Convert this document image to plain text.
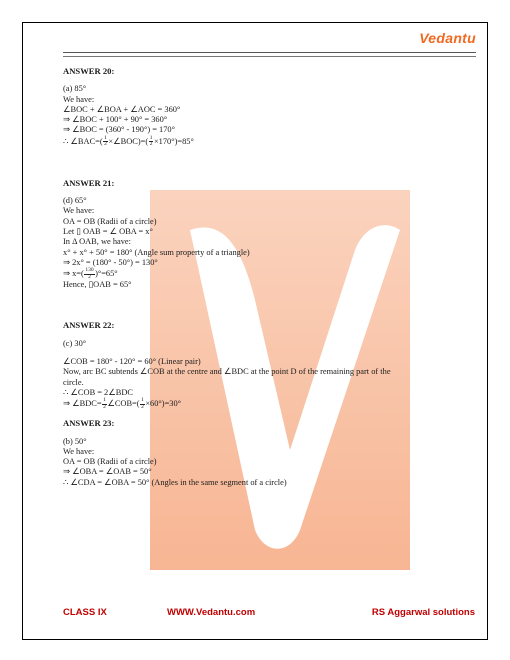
Vedantu

ANSWER 20:

(a) 85°

We have:

∠BOC + ∠BOA + ∠AOC = 360°

⇒ ∠BOC + 100° + 90° = 360°

⇒ ∠BOC = (360° - 190°) = 170°

∴ ∠BAC=( $\frac{1}{2}$ ×∠BOC)=( $\frac{1}{2} \times 170^\circ)=85^\circ$

ANSWER 21:

(d) 65°

We have:

OA = OB (Radii of a circle)

Let ▯ OAB = ∠ OBA = x°

In Δ OAB, we have:

x° + x° + 50° = 180° (Angle sum property of a triangle)

⇒ 2x° = (180° - 50°) = 130°

⇒ $x=( \frac{130}{2} )^\circ=65^\circ$

Hence, ▯OAB = 65°

ANSWER 22:

(c) 30°

∠COB = 180° - 120° = 60° (Linear pair)

Now, arc BC subtends ∠COB at the centre and ∠BDC at the point D of the remaining part of the

circle.

∴ ∠COB = 2∠BDC

⇒ ∠BDC= $\frac{1}{2}$ ∠COB=( $\frac{1}{2} \times 60^\circ)=30^\circ$

ANSWER 23:

(b) 50°

We have:

OA = OB (Radii of a circle)

⇒ ∠OBA = ∠OAB = 50°

∴ ∠CDA = ∠OBA = 50° (Angles in the same segment of a circle)

CLASS IX	WWW.Vedantu.com	RS Aggarwal solutions
